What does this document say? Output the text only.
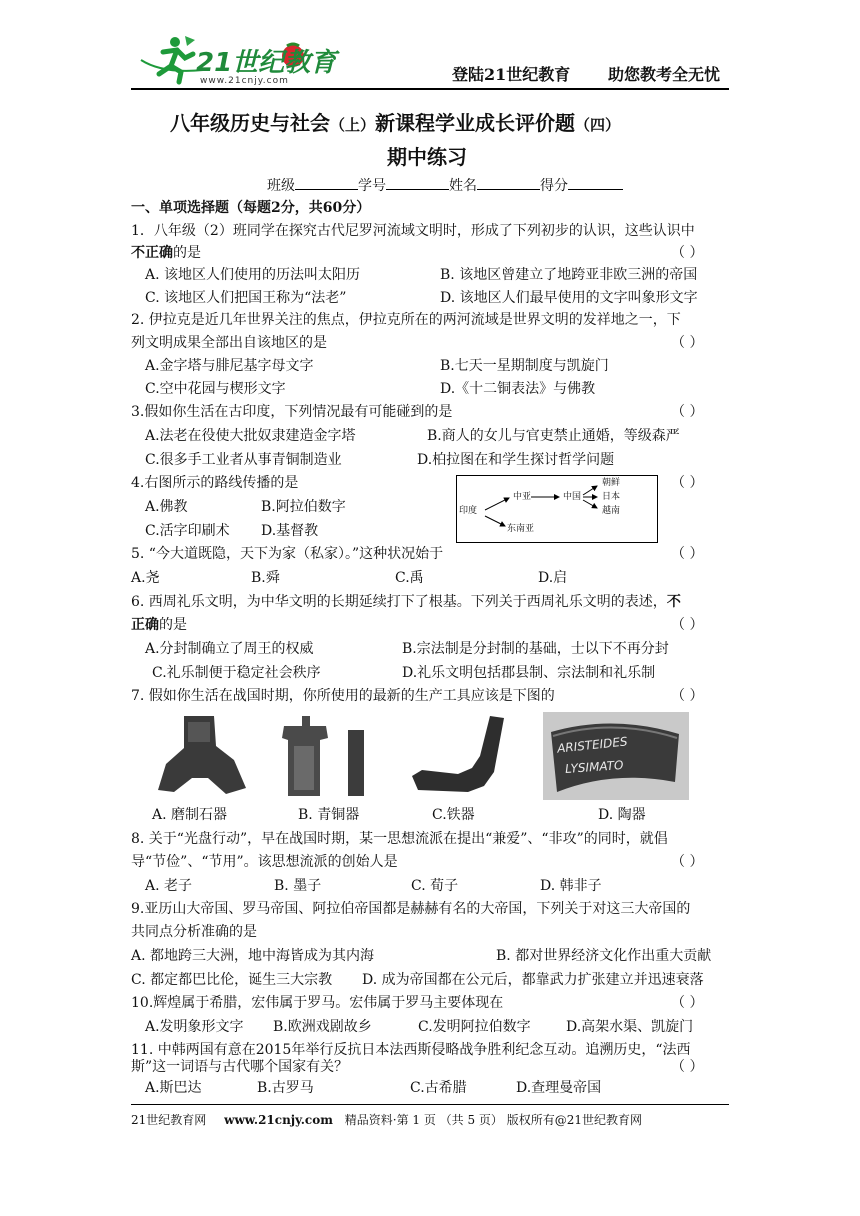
21世纪教育
www.21cnjy.com	登陆21世纪教育 助您教考全无忧
八年级历史与社会（上）新课程学业成长评价题（四）
期中练习
班级	学号	姓名	得分
一、单项选择题（每题2分，共60分）
1．八年级（2）班同学在探究古代尼罗河流域文明时，形成了下列初步的认识，这些认识中
不正确的是	（ ）
A. 该地区人们使用的历法叫太阳历	B. 该地区曾建立了地跨亚非欧三洲的帝国
C. 该地区人们把国王称为“法老”	D. 该地区人们最早使用的文字叫象形文字
2. 伊拉克是近几年世界关注的焦点，伊拉克所在的两河流域是世界文明的发祥地之一，下
列文明成果全部出自该地区的是	（ ）
A.金字塔与腓尼基字母文字	B.七天一星期制度与凯旋门
C.空中花园与楔形文字	D.《十二铜表法》与佛教
3.假如你生活在古印度，下列情况最有可能碰到的是	（ ）
A.法老在役使大批奴隶建造金字塔	B.商人的女儿与官吏禁止通婚，等级森严
C.很多手工业者从事青铜制造业	D.柏拉图在和学生探讨哲学问题
4.右图所示的路线传播的是	（ ）
A.佛教	B.阿拉伯数字
C.活字印刷术 D.基督教
印度
中亚	中国
朝鲜
日本
越南
东南亚
5. “今大道既隐，天下为家（私家）。”这种状况始于	（ ）
A.尧	B.舜	C.禹	D.启
6. 西周礼乐文明，为中华文明的长期延续打下了根基。下列关于西周礼乐文明的表述，不
正确的是	（ ）
A.分封制确立了周王的权威	B.宗法制是分封制的基础，士以下不再分封
C.礼乐制便于稳定社会秩序	D.礼乐文明包括郡县制、宗法制和礼乐制
7. 假如你生活在战国时期，你所使用的最新的生产工具应该是下图的	（ ）
ARISTEIDES
LYSIMATO
A. 磨制石器	B. 青铜器	C.铁器	D. 陶器
8. 关于“光盘行动”，早在战国时期，某一思想流派在提出“兼爱”、“非攻”的同时，就倡
导“节俭”、“节用”。该思想流派的创始人是	（ ）
A. 老子	B. 墨子	C. 荀子	D. 韩非子
9.亚历山大帝国、罗马帝国、阿拉伯帝国都是赫赫有名的大帝国，下列关于对这三大帝国的
共同点分析准确的是
A. 都地跨三大洲，地中海皆成为其内海	B. 都对世界经济文化作出重大贡献
C. 都定都巴比伦，诞生三大宗教 D. 成为帝国都在公元后，都靠武力扩张建立并迅速衰落
10.辉煌属于希腊，宏伟属于罗马。宏伟属于罗马主要体现在	（ ）
A.发明象形文字 B.欧洲戏剧故乡	C.发明阿拉伯数字	D.高架水渠、凯旋门
11. 中韩两国有意在2015年举行反抗日本法西斯侵略战争胜利纪念互动。追溯历史，“法西
斯”这一词语与古代哪个国家有关？	（ ）
A.斯巴达	B.古罗马	C.古希腊	D.查理曼帝国
21世纪教育网 www.21cnjy.com 精品资料·第 1 页 （共 5 页） 版权所有@21世纪教育网
